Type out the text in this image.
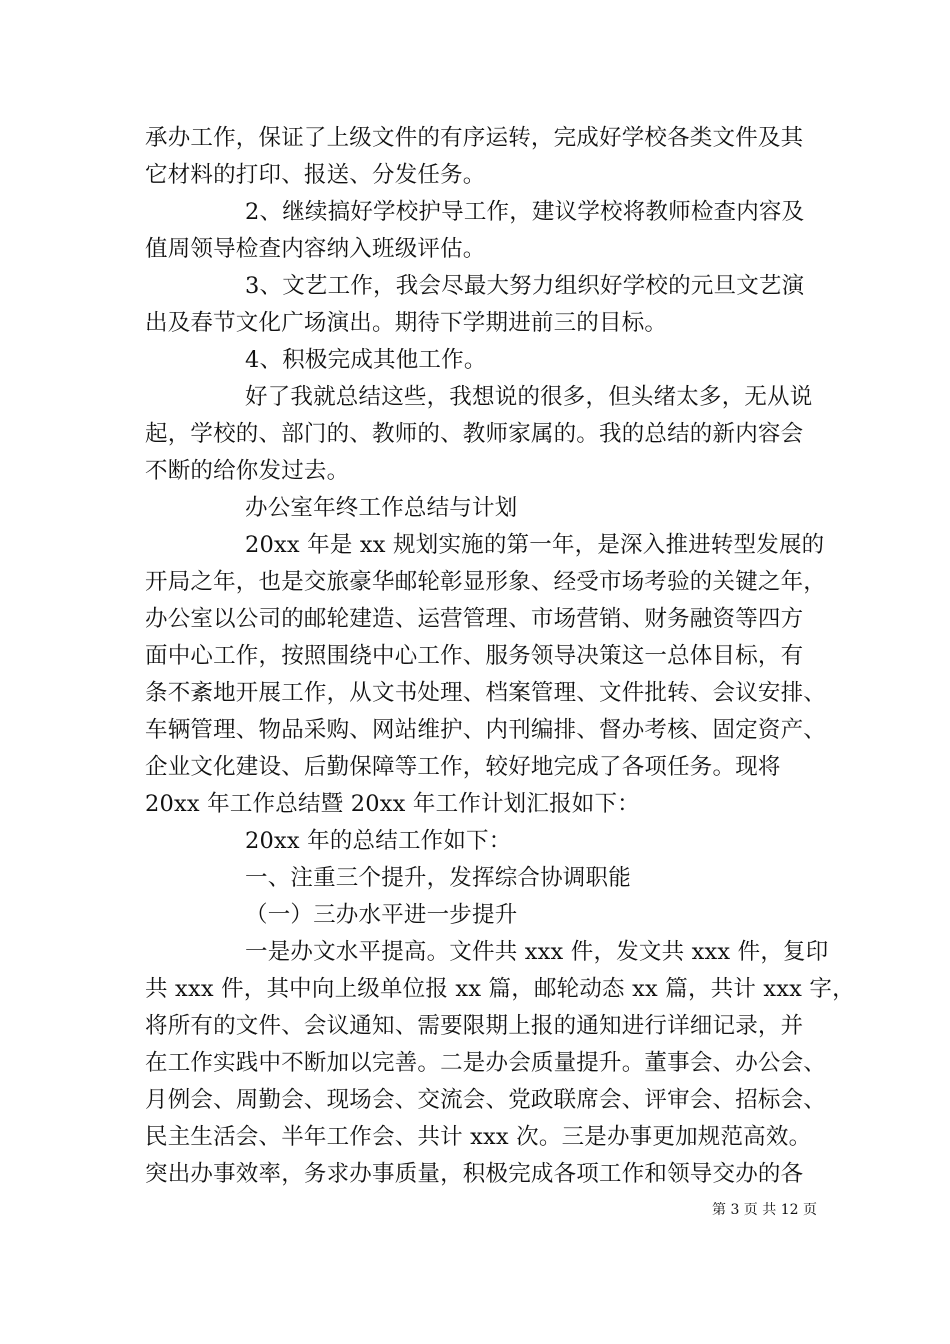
承办工作，保证了上级文件的有序运转，完成好学校各类文件及其
它材料的打印、报送、分发任务。
2、继续搞好学校护导工作，建议学校将教师检查内容及
值周领导检查内容纳入班级评估。
3、文艺工作，我会尽最大努力组织好学校的元旦文艺演
出及春节文化广场演出。期待下学期进前三的目标。
4、积极完成其他工作。
好了我就总结这些，我想说的很多，但头绪太多，无从说
起，学校的、部门的、教师的、教师家属的。我的总结的新内容会
不断的给你发过去。
办公室年终工作总结与计划
20xx 年是 xx 规划实施的第一年，是深入推进转型发展的
开局之年，也是交旅豪华邮轮彰显形象、经受市场考验的关键之年，
办公室以公司的邮轮建造、运营管理、市场营销、财务融资等四方
面中心工作，按照围绕中心工作、服务领导决策这一总体目标，有
条不紊地开展工作，从文书处理、档案管理、文件批转、会议安排、
车辆管理、物品采购、网站维护、内刊编排、督办考核、固定资产、
企业文化建设、后勤保障等工作，较好地完成了各项任务。现将
20xx 年工作总结暨 20xx 年工作计划汇报如下：
20xx 年的总结工作如下：
一、注重三个提升，发挥综合协调职能
（一）三办水平进一步提升
一是办文水平提高。文件共 xxx 件，发文共 xxx 件，复印
共 xxx 件，其中向上级单位报 xx 篇，邮轮动态 xx 篇，共计 xxx 字，
将所有的文件、会议通知、需要限期上报的通知进行详细记录，并
在工作实践中不断加以完善。二是办会质量提升。董事会、办公会、
月例会、周勤会、现场会、交流会、党政联席会、评审会、招标会、
民主生活会、半年工作会、共计 xxx 次。三是办事更加规范高效。
突出办事效率，务求办事质量，积极完成各项工作和领导交办的各
第 3 页 共 12 页
